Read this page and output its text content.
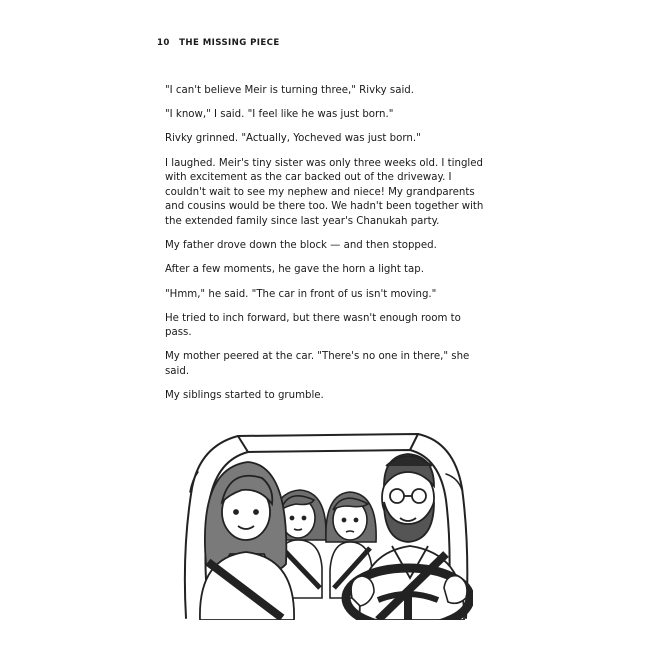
10 THE MISSING PIECE

"I can't believe Meir is turning three," Rivky said.

"I know," I said. "I feel like he was just born."

Rivky grinned. "Actually, Yocheved was just born."

I laughed. Meir's tiny sister was only three weeks old. I tingled with excitement as the car backed out of the driveway. I couldn't wait to see my nephew and niece! My grandparents and cousins would be there too. We hadn't been together with the extended family since last year's Chanukah party.

My father drove down the block — and then stopped.

After a few moments, he gave the horn a light tap.

"Hmm," he said. "The car in front of us isn't moving."

He tried to inch forward, but there wasn't enough room to pass.

My mother peered at the car. "There's no one in there," she said.

My siblings started to grumble.
